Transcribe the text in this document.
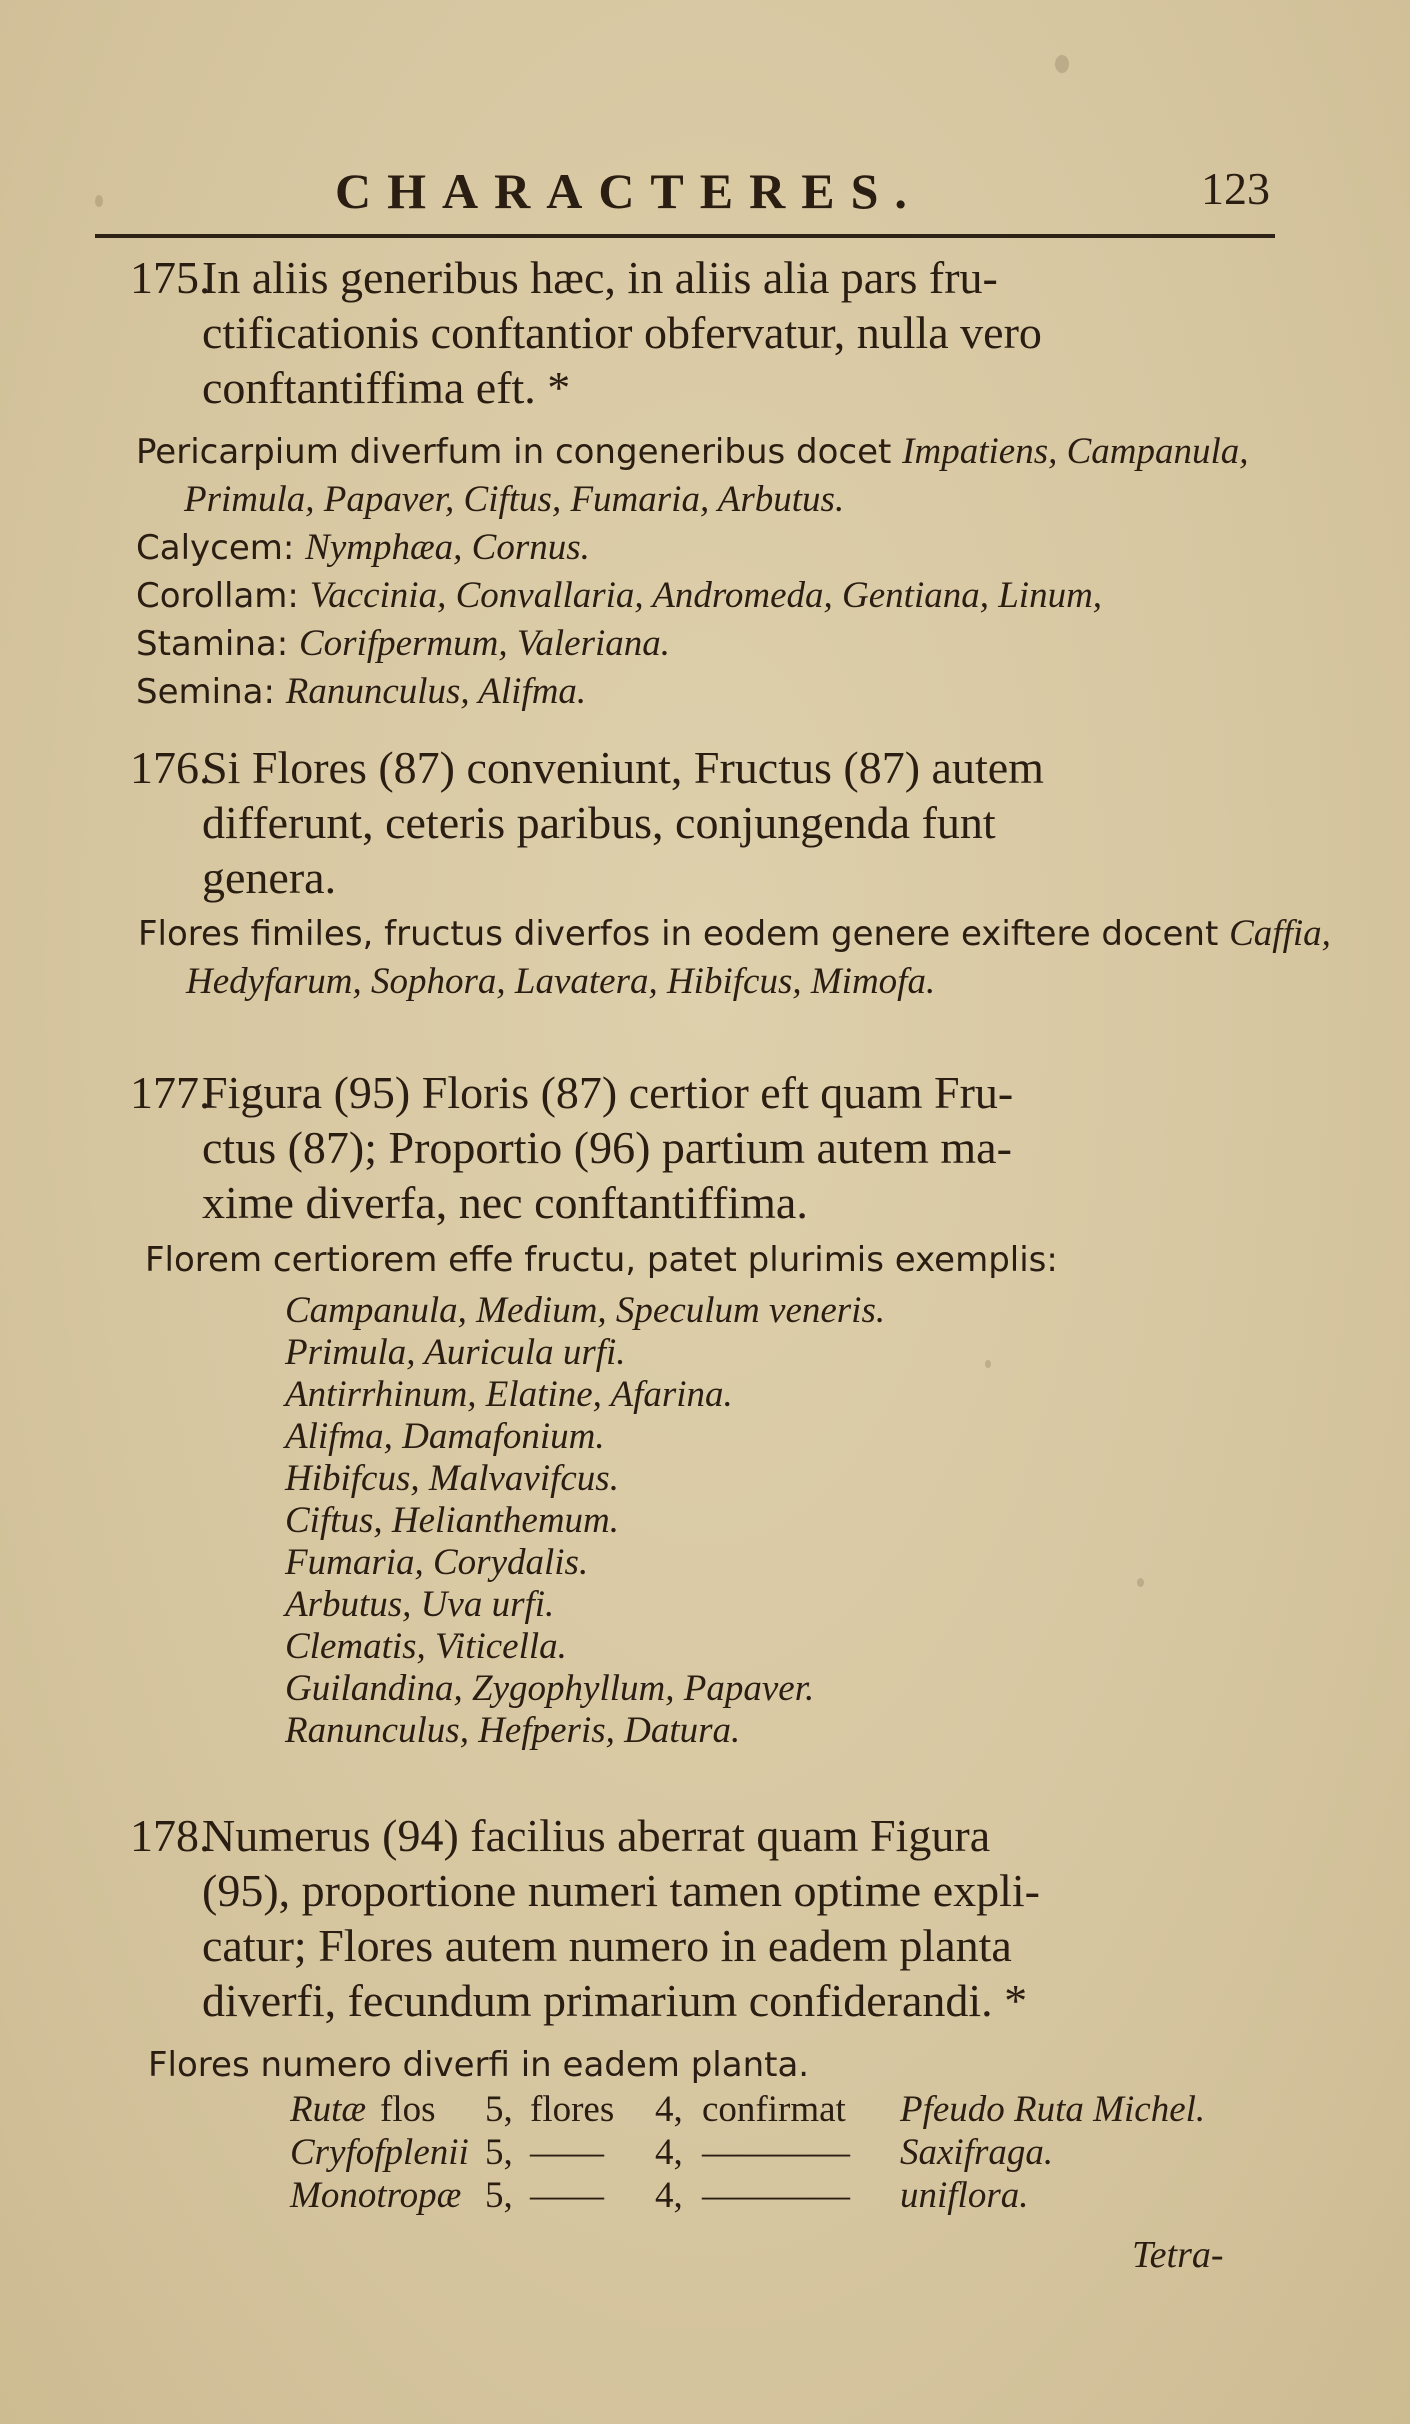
CHARACTERES.	123
175.
In aliis generibus hæc, in aliis alia pars fru-
ctificationis conftantior obfervatur, nulla vero
conftantiffima eft. *
Pericarpium diverfum in congeneribus docet Impatiens, Campanula, Primula, Papaver, Ciftus, Fumaria, Arbutus.
Calycem: Nymphæa, Cornus.
Corollam: Vaccinia, Convallaria, Andromeda, Gentiana, Linum,
Stamina: Corifpermum, Valeriana.
Semina: Ranunculus, Alifma.
176.
Si Flores (87) conveniunt, Fructus (87) autem
differunt, ceteris paribus, conjungenda funt
genera.
Flores fimiles, fructus diverfos in eodem genere exiftere docent Caffia, Hedyfarum, Sophora, Lavatera, Hibifcus, Mimofa.
177.
Figura (95) Floris (87) certior eft quam Fru-
ctus (87); Proportio (96) partium autem ma-
xime diverfa, nec conftantiffima.
Florem certiorem effe fructu, patet plurimis exemplis:
Campanula, Medium, Speculum veneris.
Primula, Auricula urfi.
Antirrhinum, Elatine, Afarina.
Alifma, Damafonium.
Hibifcus, Malvavifcus.
Ciftus, Helianthemum.
Fumaria, Corydalis.
Arbutus, Uva urfi.
Clematis, Viticella.
Guilandina, Zygophyllum, Papaver.
Ranunculus, Hefperis, Datura.
178.
Numerus (94) facilius aberrat quam Figura
(95), proportione numeri tamen optime expli-
catur; Flores autem numero in eadem planta
diverfi, fecundum primarium confiderandi. *
Flores numero diverfi in eadem planta.
Rutæ flos 5, flores 4, confirmat Pfeudo Ruta Michel.
Cryfofplenii 5, —— 4, ———— Saxifraga.
Monotropæ 5, —— 4, ———— uniflora.
Tetra-
